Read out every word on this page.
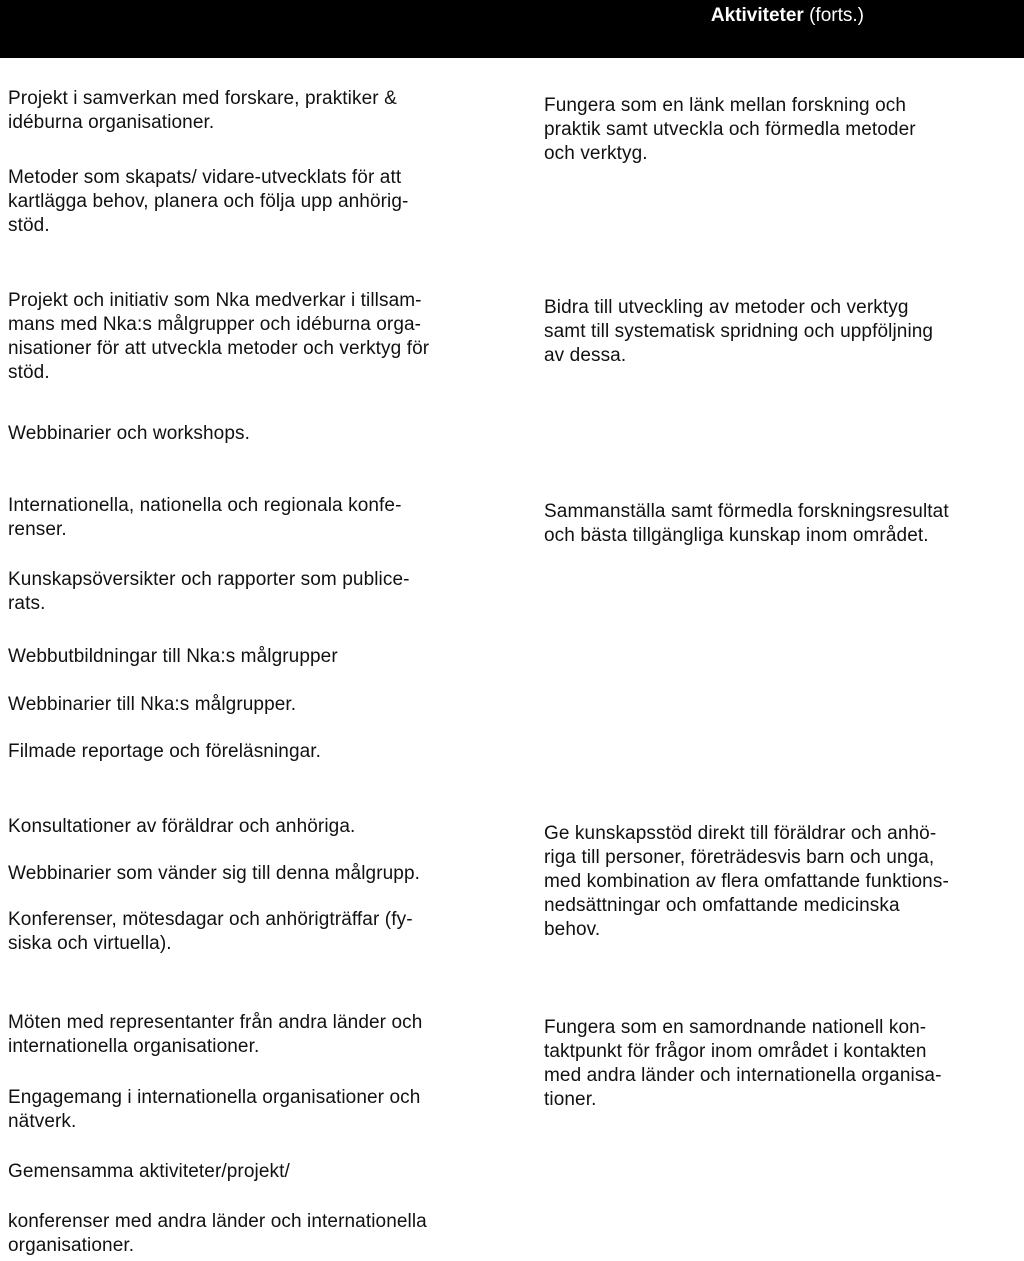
Aktiviteter (forts.)

Projekt i samverkan med forskare, praktiker &
idéburna organisationer.

Metoder som skapats/ vidare-utvecklats för att
kartlägga behov, planera och följa upp anhörig-
stöd.

Fungera som en länk mellan forskning och
praktik samt utveckla och förmedla metoder
och verktyg.

Projekt och initiativ som Nka medverkar i tillsam-
mans med Nka:s målgrupper och idéburna orga-
nisationer för att utveckla metoder och verktyg för
stöd.

Webbinarier och workshops.

Bidra till utveckling av metoder och verktyg
samt till systematisk spridning och uppföljning
av dessa.

Internationella, nationella och regionala konfe-
renser.

Kunskapsöversikter och rapporter som publice-
rats.

Webbutbildningar till Nka:s målgrupper

Webbinarier till Nka:s målgrupper.

Filmade reportage och föreläsningar.

Sammanställa samt förmedla forskningsresultat
och bästa tillgängliga kunskap inom området.

Konsultationer av föräldrar och anhöriga.

Webbinarier som vänder sig till denna målgrupp.

Konferenser, mötesdagar och anhörigträffar (fy-
siska och virtuella).

Ge kunskapsstöd direkt till föräldrar och anhö-
riga till personer, företrädesvis barn och unga,
med kombination av flera omfattande funktions-
nedsättningar och omfattande medicinska
behov.

Möten med representanter från andra länder och
internationella organisationer.

Engagemang i internationella organisationer och
nätverk.

Gemensamma aktiviteter/projekt/

konferenser med andra länder och internationella
organisationer.

Fungera som en samordnande nationell kon-
taktpunkt för frågor inom området i kontakten
med andra länder och internationella organisa-
tioner.
